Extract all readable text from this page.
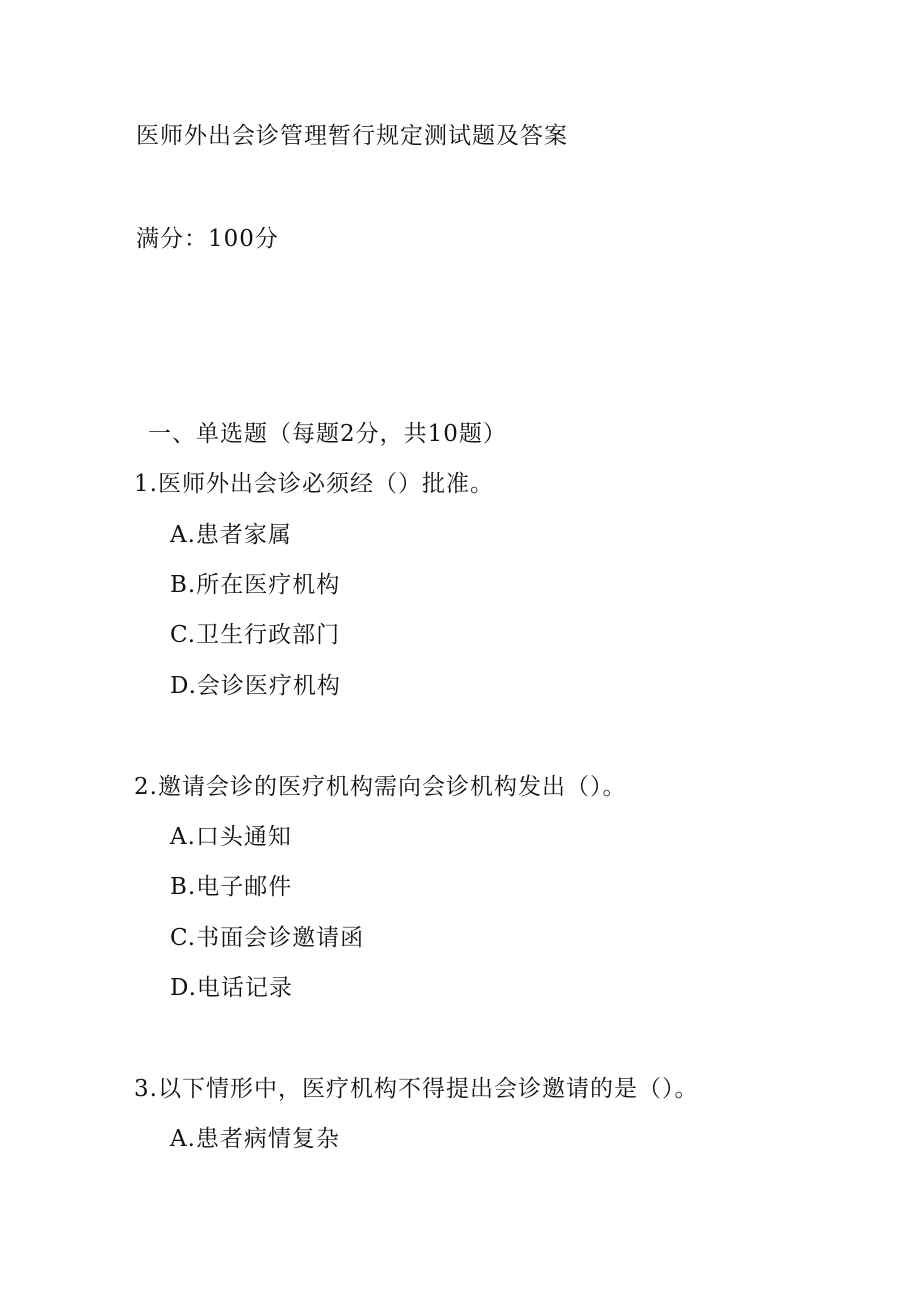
医师外出会诊管理暂行规定测试题及答案
满分：100分
一、单选题（每题2分，共10题）
1.医师外出会诊必须经（）批准。
A.患者家属
B.所在医疗机构
C.卫生行政部门
D.会诊医疗机构
2.邀请会诊的医疗机构需向会诊机构发出（）。
A.口头通知
B.电子邮件
C.书面会诊邀请函
D.电话记录
3.以下情形中，医疗机构不得提出会诊邀请的是（）。
A.患者病情复杂
